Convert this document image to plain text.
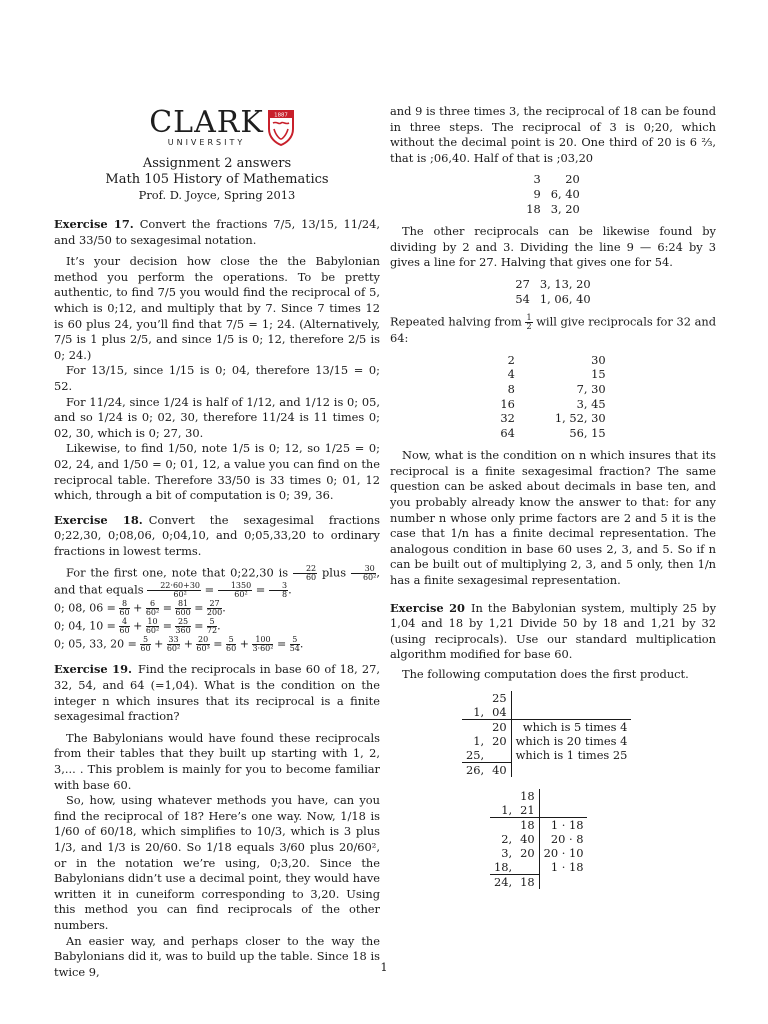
CLARK
UNIVERSITY
1887
Assignment 2 answers
Math 105 History of Mathematics
Prof. D. Joyce, Spring 2013

Exercise 17. Convert the fractions 7/5, 13/15, 11/24, and 33/50 to sexagesimal notation.

It’s your decision how close the the Babylonian method you perform the operations. To be pretty authentic, to find 7/5 you would find the reciprocal of 5, which is 0;12, and multiply that by 7. Since 7 times 12 is 60 plus 24, you’ll find that 7/5 = 1; 24. (Alternatively, 7/5 is 1 plus 2/5, and since 1/5 is 0; 12, therefore 2/5 is 0; 24.)

For 13/15, since 1/15 is 0; 04, therefore 13/15 = 0; 52.

For 11/24, since 1/24 is half of 1/12, and 1/12 is 0; 05, and so 1/24 is 0; 02, 30, therefore 11/24 is 11 times 0; 02, 30, which is 0; 27, 30.

Likewise, to find 1/50, note 1/5 is 0; 12, so 1/25 = 0; 02, 24, and 1/50 = 0; 01, 12, a value you can find on the reciprocal table. Therefore 33/50 is 33 times 0; 01, 12 which, through a bit of computation is 0; 39, 36.

Exercise 18. Convert the sexagesimal fractions 0;22,30, 0;08,06, 0;04,10, and 0;05,33,20 to ordinary fractions in lowest terms.

For the first one, note that 0;22,30 is $\frac{22}{60}$ plus $\frac{30}{\text{60²}}$ , and that equals $\frac{22\cdot 60+30}{\text{60²}} = \frac{1350}{\text{60²}} = \frac{3}{8}$ .

0; 08, $06 = \frac{8}{60} + \frac{6}{\text{60²}} = \frac{81}{600} = \frac{27}{200}$ .
0; 04, $10 = \frac{4}{60} + \frac{10}{\text{60²}} = \frac{25}{360} = \frac{5}{72}$ .
0; 05, 33, $20 = \frac{5}{60} + \frac{33}{\text{60²}} + \frac{20}{\text{60³}} = \frac{5}{60} + \frac{100}{\text{3·60²}} = \frac{5}{54}$ .

Exercise 19. Find the reciprocals in base 60 of 18, 27, 32, 54, and 64 (=1,04). What is the condition on the integer n which insures that its reciprocal is a finite sexagesimal fraction?

The Babylonians would have found these reciprocals from their tables that they built up starting with 1, 2, 3,... . This problem is mainly for you to become familiar with base 60.

So, how, using whatever methods you have, can you find the reciprocal of 18? Here’s one way. Now, 1/18 is 1/60 of 60/18, which simplifies to 10/3, which is 3 plus 1/3, and 1/3 is 20/60. So 1/18 equals 3/60 plus 20/60², or in the notation we’re using, 0;3,20. Since the Babylonians didn’t use a decimal point, they would have written it in cuneiform corresponding to 3,20. Using this method you can find reciprocals of the other numbers.

An easier way, and perhaps closer to the way the Babylonians did it, was to build up the table. Since 18 is twice 9,

and 9 is three times 3, the reciprocal of 18 can be found in three steps. The reciprocal of 3 is 0;20, which without the decimal point is 20. One third of 20 is 6 ⅔, that is ;06,40. Half of that is ;03,20

3	20
9	6, 40
18	3, 20

The other reciprocals can be likewise found by dividing by 2 and 3. Dividing the line 9 — 6:24 by 3 gives a line for 27. Halving that gives one for 54.

27	3, 13, 20
54	1, 06, 40

Repeated halving from $\frac{1}{2}$ will give reciprocals for 32 and 64:

2	30
4	15
8	7, 30
16	3, 45
32	1, 52, 30
64	56, 15

Now, what is the condition on n which insures that its reciprocal is a finite sexagesimal fraction? The same question can be asked about decimals in base ten, and you probably already know the answer to that: for any number n whose only prime factors are 2 and 5 it is the case that 1/n has a finite decimal representation. The analogous condition in base 60 uses 2, 3, and 5. So if n can be built out of multiplying 2, 3, and 5 only, then 1/n has a finite sexagesimal representation.

Exercise 20 In the Babylonian system, multiply 25 by 1,04 and 18 by 1,21 Divide 50 by 18 and 1,21 by 32 (using reciprocals). Use our standard multiplication algorithm modified for base 60.

The following computation does the first product.

	25	
1,	04	
	20	which is 5 times 4
1,	20	which is 20 times 4
25,		which is 1 times 25
26,	40	
	18	
1,	21	
	18	1 · 18
2,	40	20 · 8
3,	20	20 · 10
18,		1 · 18
24,	18	
1
